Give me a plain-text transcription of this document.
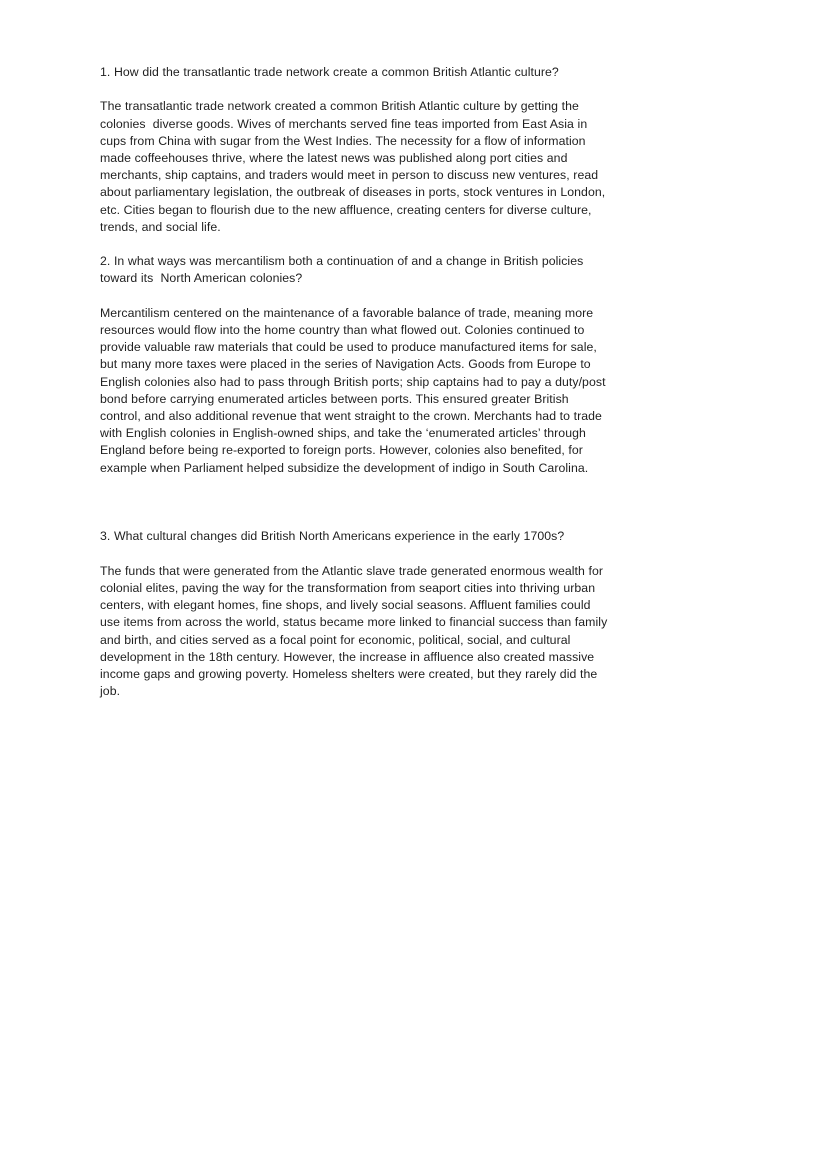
1. How did the transatlantic trade network create a common British Atlantic culture?

The transatlantic trade network created a common British Atlantic culture by getting the colonies  diverse goods. Wives of merchants served fine teas imported from East Asia in cups from China with sugar from the West Indies. The necessity for a flow of information made coffeehouses thrive, where the latest news was published along port cities and merchants, ship captains, and traders would meet in person to discuss new ventures, read about parliamentary legislation, the outbreak of diseases in ports, stock ventures in London, etc. Cities began to flourish due to the new affluence, creating centers for diverse culture, trends, and social life.

2. In what ways was mercantilism both a continuation of and a change in British policies toward its  North American colonies?

Mercantilism centered on the maintenance of a favorable balance of trade, meaning more resources would flow into the home country than what flowed out. Colonies continued to provide valuable raw materials that could be used to produce manufactured items for sale, but many more taxes were placed in the series of Navigation Acts. Goods from Europe to English colonies also had to pass through British ports; ship captains had to pay a duty/post bond before carrying enumerated articles between ports. This ensured greater British control, and also additional revenue that went straight to the crown. Merchants had to trade with English colonies in English-owned ships, and take the ‘enumerated articles’ through England before being re-exported to foreign ports. However, colonies also benefited, for example when Parliament helped subsidize the development of indigo in South Carolina.

3. What cultural changes did British North Americans experience in the early 1700s?

The funds that were generated from the Atlantic slave trade generated enormous wealth for colonial elites, paving the way for the transformation from seaport cities into thriving urban centers, with elegant homes, fine shops, and lively social seasons. Affluent families could use items from across the world, status became more linked to financial success than family and birth, and cities served as a focal point for economic, political, social, and cultural development in the 18th century. However, the increase in affluence also created massive income gaps and growing poverty. Homeless shelters were created, but they rarely did the job.
